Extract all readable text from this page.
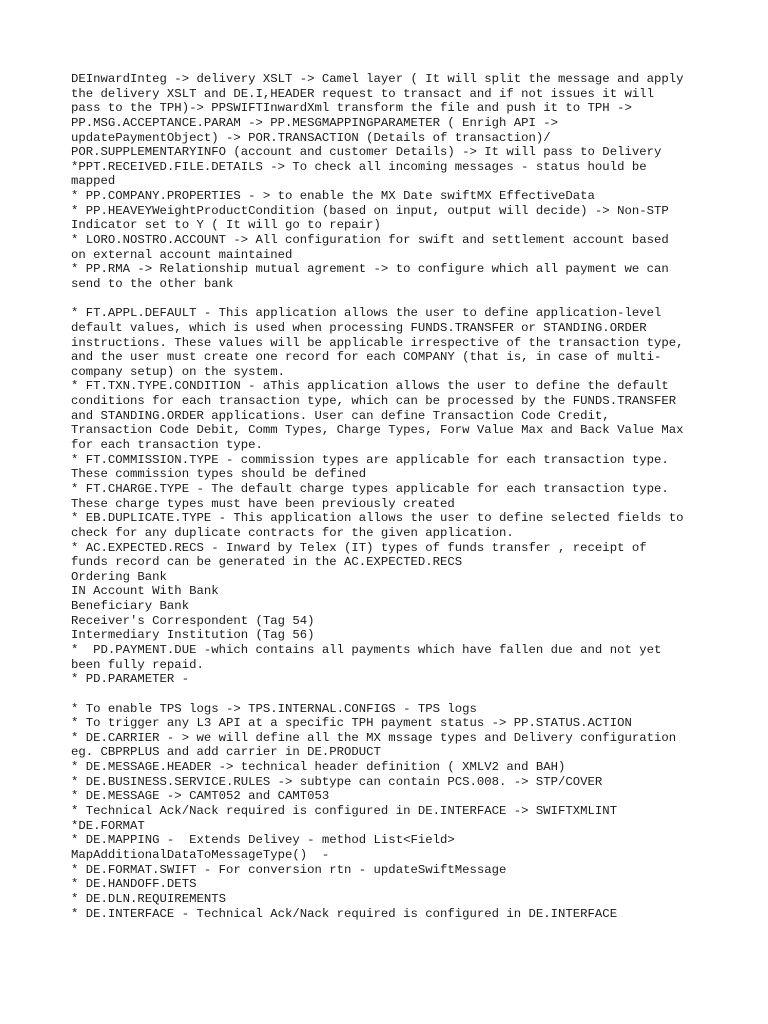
DEInwardInteg -> delivery XSLT -> Camel layer ( It will split the message and apply
the delivery XSLT and DE.I,HEADER request to transact and if not issues it will
pass to the TPH)-> PPSWIFTInwardXml transform the file and push it to TPH ->
PP.MSG.ACCEPTANCE.PARAM -> PP.MESGMAPPINGPARAMETER ( Enrigh API ->
updatePaymentObject) -> POR.TRANSACTION (Details of transaction)/
POR.SUPPLEMENTARYINFO (account and customer Details) -> It will pass to Delivery
*PPT.RECEIVED.FILE.DETAILS -> To check all incoming messages - status hould be
mapped
* PP.COMPANY.PROPERTIES - > to enable the MX Date swiftMX EffectiveData
* PP.HEAVEYWeightProductCondition (based on input, output will decide) -> Non-STP
Indicator set to Y ( It will go to repair)
* LORO.NOSTRO.ACCOUNT -> All configuration for swift and settlement account based
on external account maintained
* PP.RMA -> Relationship mutual agrement -> to configure which all payment we can
send to the other bank
* FT.APPL.DEFAULT - This application allows the user to define application-level
default values, which is used when processing FUNDS.TRANSFER or STANDING.ORDER
instructions. These values will be applicable irrespective of the transaction type,
and the user must create one record for each COMPANY (that is, in case of multi-
company setup) on the system.
* FT.TXN.TYPE.CONDITION - aThis application allows the user to define the default
conditions for each transaction type, which can be processed by the FUNDS.TRANSFER
and STANDING.ORDER applications. User can define Transaction Code Credit,
Transaction Code Debit, Comm Types, Charge Types, Forw Value Max and Back Value Max
for each transaction type.
* FT.COMMISSION.TYPE - commission types are applicable for each transaction type.
These commission types should be defined
* FT.CHARGE.TYPE - The default charge types applicable for each transaction type.
These charge types must have been previously created
* EB.DUPLICATE.TYPE - This application allows the user to define selected fields to
check for any duplicate contracts for the given application.
* AC.EXPECTED.RECS - Inward by Telex (IT) types of funds transfer , receipt of
funds record can be generated in the AC.EXPECTED.RECS
Ordering Bank
IN Account With Bank
Beneficiary Bank
Receiver's Correspondent (Tag 54)
Intermediary Institution (Tag 56)
*  PD.PAYMENT.DUE -which contains all payments which have fallen due and not yet
been fully repaid.
* PD.PARAMETER -
* To enable TPS logs -> TPS.INTERNAL.CONFIGS - TPS logs
* To trigger any L3 API at a specific TPH payment status -> PP.STATUS.ACTION
* DE.CARRIER - > we will define all the MX mssage types and Delivery configuration
eg. CBPRPLUS and add carrier in DE.PRODUCT
* DE.MESSAGE.HEADER -> technical header definition ( XMLV2 and BAH)
* DE.BUSINESS.SERVICE.RULES -> subtype can contain PCS.008. -> STP/COVER
* DE.MESSAGE -> CAMT052 and CAMT053
* Technical Ack/Nack required is configured in DE.INTERFACE -> SWIFTXMLINT
*DE.FORMAT
* DE.MAPPING -  Extends Delivey - method List<Field>
MapAdditionalDataToMessageType()  -
* DE.FORMAT.SWIFT - For conversion rtn - updateSwiftMessage
* DE.HANDOFF.DETS
* DE.DLN.REQUIREMENTS
* DE.INTERFACE - Technical Ack/Nack required is configured in DE.INTERFACE
